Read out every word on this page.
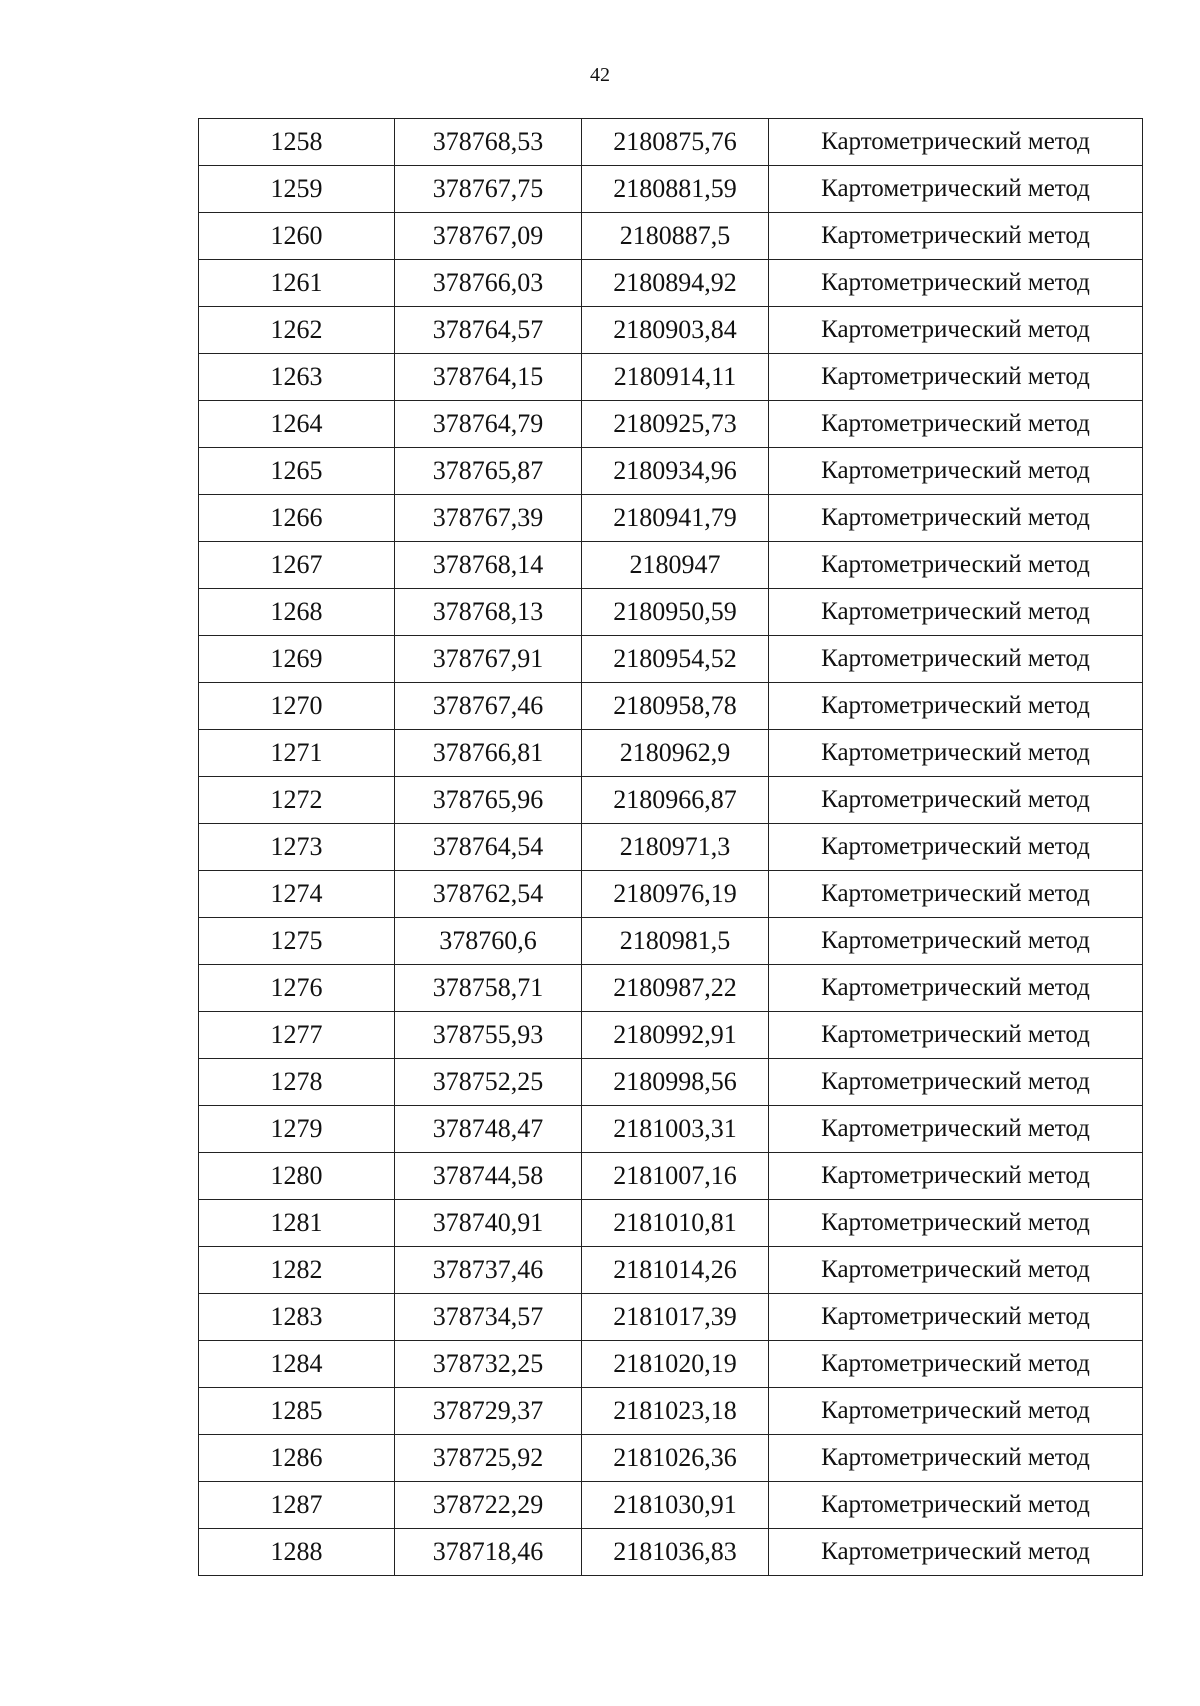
42
1258	378768,53	2180875,76	Картометрический метод
1259	378767,75	2180881,59	Картометрический метод
1260	378767,09	2180887,5	Картометрический метод
1261	378766,03	2180894,92	Картометрический метод
1262	378764,57	2180903,84	Картометрический метод
1263	378764,15	2180914,11	Картометрический метод
1264	378764,79	2180925,73	Картометрический метод
1265	378765,87	2180934,96	Картометрический метод
1266	378767,39	2180941,79	Картометрический метод
1267	378768,14	2180947	Картометрический метод
1268	378768,13	2180950,59	Картометрический метод
1269	378767,91	2180954,52	Картометрический метод
1270	378767,46	2180958,78	Картометрический метод
1271	378766,81	2180962,9	Картометрический метод
1272	378765,96	2180966,87	Картометрический метод
1273	378764,54	2180971,3	Картометрический метод
1274	378762,54	2180976,19	Картометрический метод
1275	378760,6	2180981,5	Картометрический метод
1276	378758,71	2180987,22	Картометрический метод
1277	378755,93	2180992,91	Картометрический метод
1278	378752,25	2180998,56	Картометрический метод
1279	378748,47	2181003,31	Картометрический метод
1280	378744,58	2181007,16	Картометрический метод
1281	378740,91	2181010,81	Картометрический метод
1282	378737,46	2181014,26	Картометрический метод
1283	378734,57	2181017,39	Картометрический метод
1284	378732,25	2181020,19	Картометрический метод
1285	378729,37	2181023,18	Картометрический метод
1286	378725,92	2181026,36	Картометрический метод
1287	378722,29	2181030,91	Картометрический метод
1288	378718,46	2181036,83	Картометрический метод
